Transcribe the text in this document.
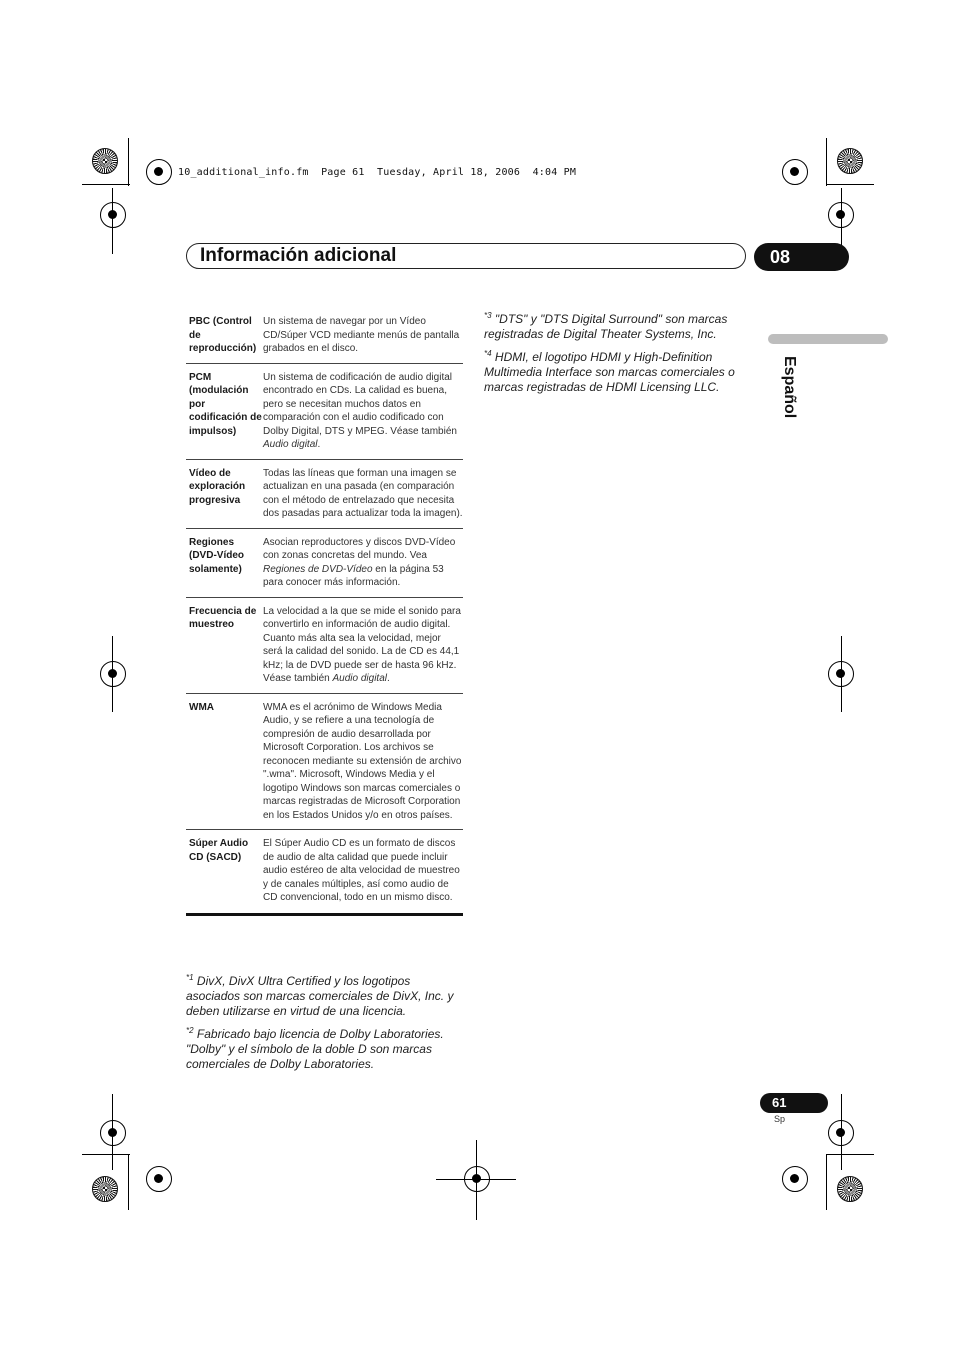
10_additional_info.fm  Page 61  Tuesday, April 18, 2006  4:04 PM
Información adicional	08
Español
PBC (Control de reproducción)
Un sistema de navegar por un Vídeo CD/Súper VCD mediante menús de pantalla grabados en el disco.
PCM (modulación por codificación de impulsos)
Un sistema de codificación de audio digital encontrado en CDs. La calidad es buena, pero se necesitan muchos datos en comparación con el audio codificado con Dolby Digital, DTS y MPEG. Véase también Audio digital.
Vídeo de exploración progresiva
Todas las líneas que forman una imagen se actualizan en una pasada (en comparación con el método de entrelazado que necesita dos pasadas para actualizar toda la imagen).
Regiones (DVD-Vídeo solamente)
Asocian reproductores y discos DVD-Vídeo con zonas concretas del mundo. Vea Regiones de DVD-Vídeo en la página 53 para conocer más información.
Frecuencia de muestreo
La velocidad a la que se mide el sonido para convertirlo en información de audio digital. Cuanto más alta sea la velocidad, mejor será la calidad del sonido. La de CD es 44,1 kHz; la de DVD puede ser de hasta 96 kHz. Véase también Audio digital.
WMA	WMA es el acrónimo de Windows Media Audio, y se refiere a una tecnología de compresión de audio desarrollada por Microsoft Corporation. Los archivos se reconocen mediante su extensión de archivo ".wma". Microsoft, Windows Media y el logotipo Windows son marcas comerciales o marcas registradas de Microsoft Corporation en los Estados Unidos y/o en otros países.
Súper Audio CD (SACD)
El Súper Audio CD es un formato de discos de audio de alta calidad que puede incluir audio estéreo de alta velocidad de muestreo y de canales múltiples, así como audio de CD convencional, todo en un mismo disco.

$^{*1}$ DivX, DivX Ultra Certified y los logotipos asociados son marcas comerciales de DivX, Inc. y deben utilizarse en virtud de una licencia.

$^{*2}$ Fabricado bajo licencia de Dolby Laboratories. "Dolby" y el símbolo de la doble D son marcas comerciales de Dolby Laboratories.

$^{*3}$ "DTS" y "DTS Digital Surround" son marcas registradas de Digital Theater Systems, Inc.

$^{*4}$ HDMI, el logotipo HDMI y High-Definition Multimedia Interface son marcas comerciales o marcas registradas de HDMI Licensing LLC.

61
Sp
